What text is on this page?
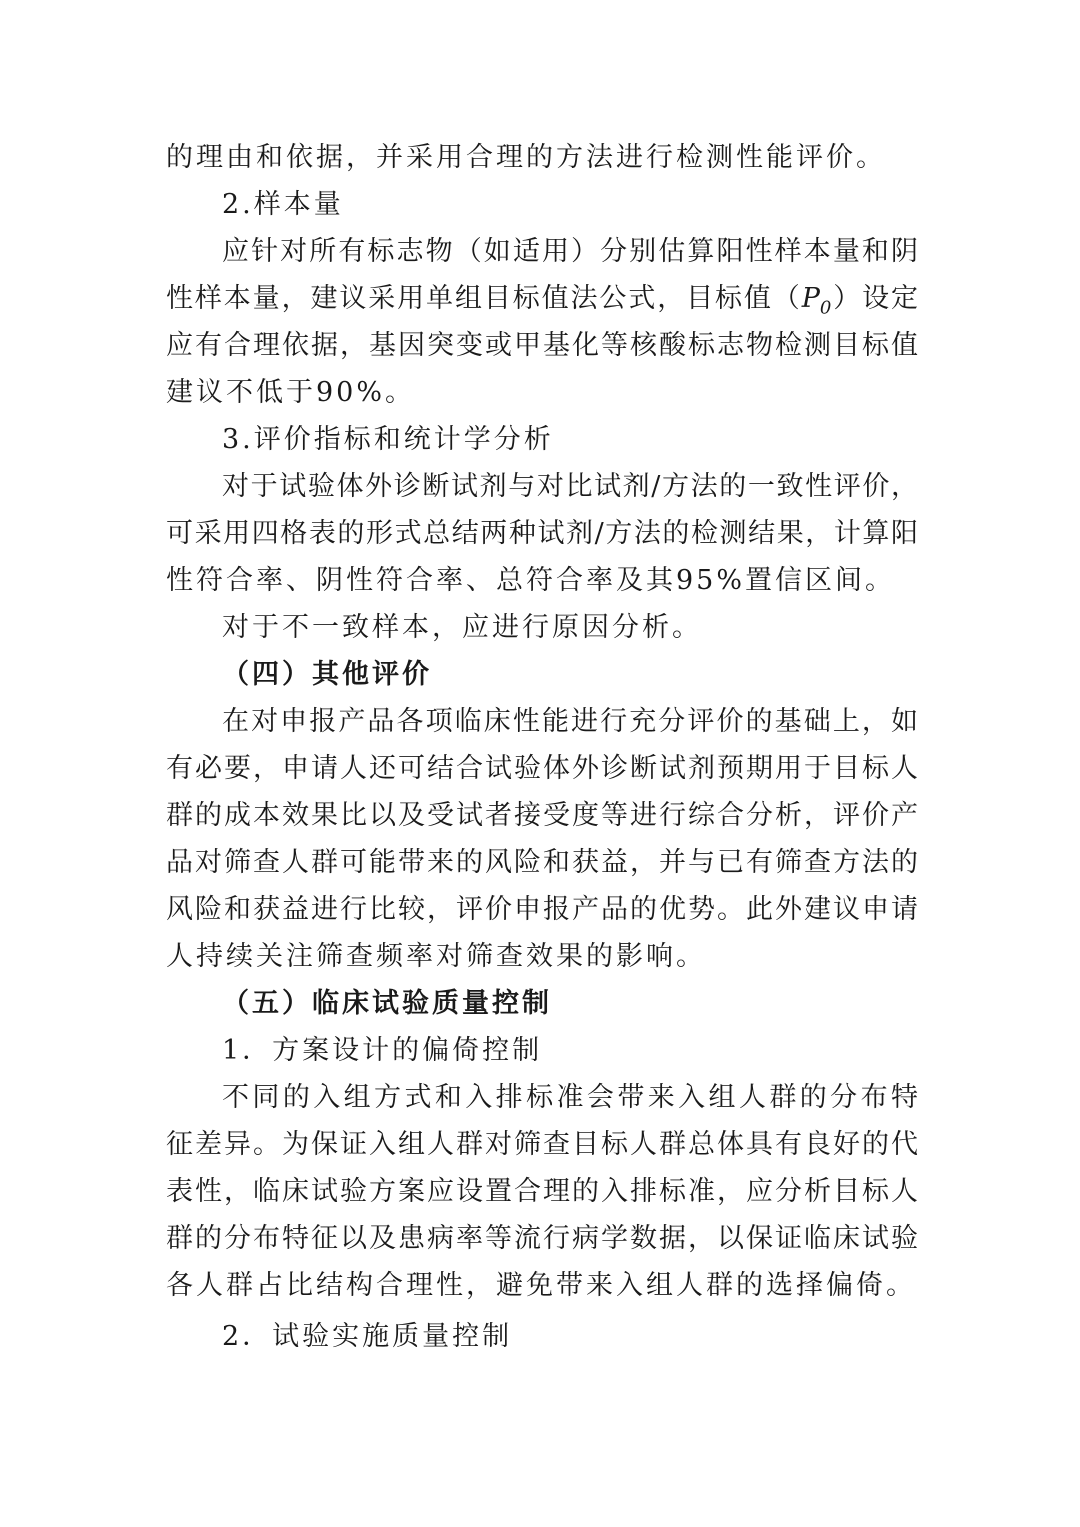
的理由和依据，并采用合理的方法进行检测性能评价。
2.样本量
应针对所有标志物（如适用）分别估算阳性样本量和阴
性样本量，建议采用单组目标值法公式，目标值$(P_0)$设定
应有合理依据，基因突变或甲基化等核酸标志物检测目标值
建议不低于90%。
3.评价指标和统计学分析
对于试验体外诊断试剂与对比试剂/方法的一致性评价，
可采用四格表的形式总结两种试剂/方法的检测结果，计算阳
性符合率、阴性符合率、总符合率及其95%置信区间。
对于不一致样本，应进行原因分析。
（四）其他评价
在对申报产品各项临床性能进行充分评价的基础上，如
有必要，申请人还可结合试验体外诊断试剂预期用于目标人
群的成本效果比以及受试者接受度等进行综合分析，评价产
品对筛查人群可能带来的风险和获益，并与已有筛查方法的
风险和获益进行比较，评价申报产品的优势。此外建议申请
人持续关注筛查频率对筛查效果的影响。
（五）临床试验质量控制
1．方案设计的偏倚控制
不同的入组方式和入排标准会带来入组人群的分布特
征差异。为保证入组人群对筛查目标人群总体具有良好的代
表性，临床试验方案应设置合理的入排标准，应分析目标人
群的分布特征以及患病率等流行病学数据，以保证临床试验
各人群占比结构合理性，避免带来入组人群的选择偏倚。
2．试验实施质量控制
